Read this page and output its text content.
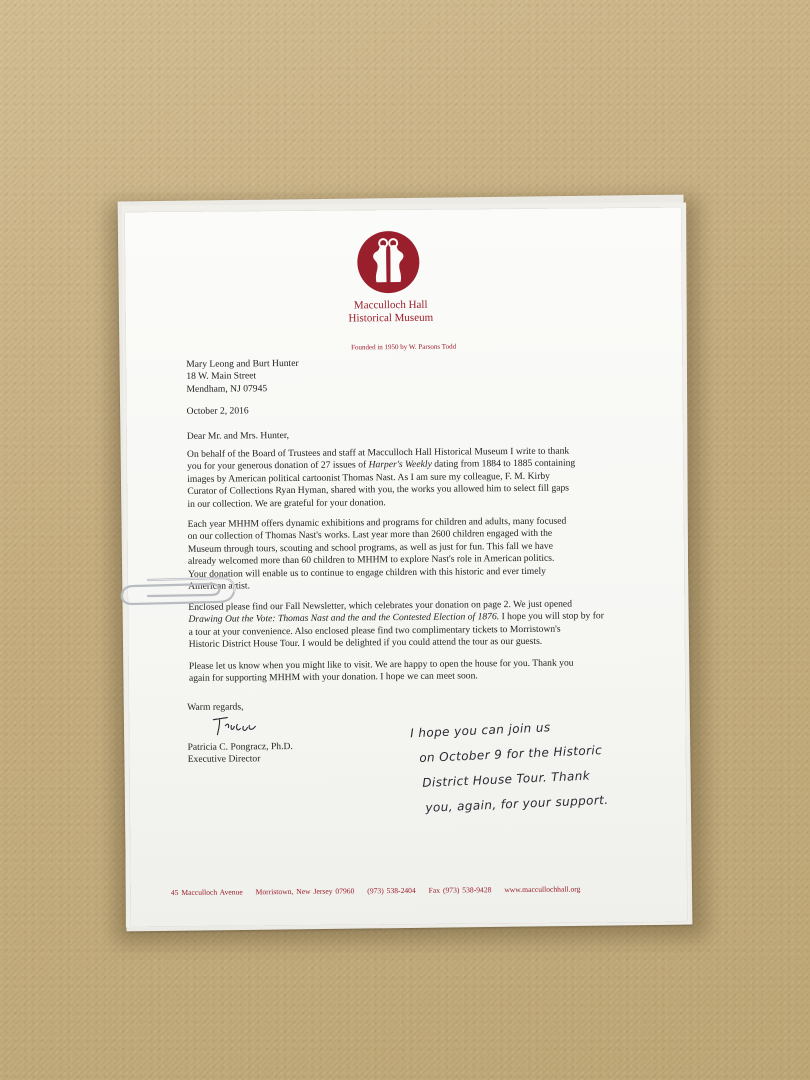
Macculloch Hall
Historical Museum
Founded in 1950 by W. Parsons Todd
Mary Leong and Burt Hunter
18 W. Main Street
Mendham, NJ 07945
October 2, 2016
Dear Mr. and Mrs. Hunter,
On behalf of the Board of Trustees and staff at Macculloch Hall Historical Museum I write to thank
you for your generous donation of 27 issues of Harper's Weekly dating from 1884 to 1885 containing
images by American political cartoonist Thomas Nast. As I am sure my colleague, F. M. Kirby
Curator of Collections Ryan Hyman, shared with you, the works you allowed him to select fill gaps
in our collection. We are grateful for your donation.
Each year MHHM offers dynamic exhibitions and programs for children and adults, many focused
on our collection of Thomas Nast's works. Last year more than 2600 children engaged with the
Museum through tours, scouting and school programs, as well as just for fun. This fall we have
already welcomed more than 60 children to MHHM to explore Nast's role in American politics.
Your donation will enable us to continue to engage children with this historic and ever timely
American artist.
Enclosed please find our Fall Newsletter, which celebrates your donation on page 2. We just opened
Drawing Out the Vote: Thomas Nast and the and the Contested Election of 1876. I hope you will stop by for
a tour at your convenience. Also enclosed please find two complimentary tickets to Morristown's
Historic District House Tour. I would be delighted if you could attend the tour as our guests.
Please let us know when you might like to visit. We are happy to open the house for you. Thank you
again for supporting MHHM with your donation. I hope we can meet soon.
Warm regards,
Patricia C. Pongracz, Ph.D.
Executive Director
I hope you can join us
on October 9 for the Historic
District House Tour. Thank
you, again, for your support.
45 Macculloch Avenue Morristown, New Jersey 07960 (973) 538-2404 Fax (973) 538-9428 www.maccullochhall.org
